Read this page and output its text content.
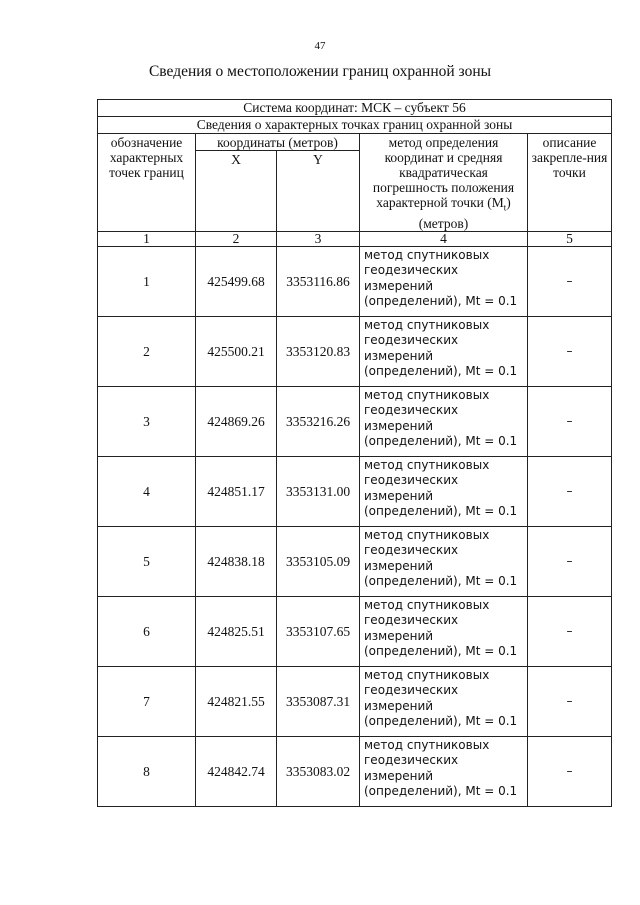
47
Сведения о местоположении границ охранной зоны
Система координат: МСК – субъект 56				
Сведения о характерных точках границ охранной зоны				
обозначение характерных точек границ	координаты (метров)		метод определения координат и средняя квадратическая погрешность положения характерной точки $(M_t)$ (метров)	описание закрепле-ния точки
	X	Y		
1	2	3	4	5
1	425499.68	3353116.86	метод спутниковых геодезических измерений (определений), Mt = 0.1	–
2	425500.21	3353120.83	метод спутниковых геодезических измерений (определений), Mt = 0.1	–
3	424869.26	3353216.26	метод спутниковых геодезических измерений (определений), Mt = 0.1	–
4	424851.17	3353131.00	метод спутниковых геодезических измерений (определений), Mt = 0.1	–
5	424838.18	3353105.09	метод спутниковых геодезических измерений (определений), Mt = 0.1	–
6	424825.51	3353107.65	метод спутниковых геодезических измерений (определений), Mt = 0.1	–
7	424821.55	3353087.31	метод спутниковых геодезических измерений (определений), Mt = 0.1	–
8	424842.74	3353083.02	метод спутниковых геодезических измерений (определений), Mt = 0.1	–
